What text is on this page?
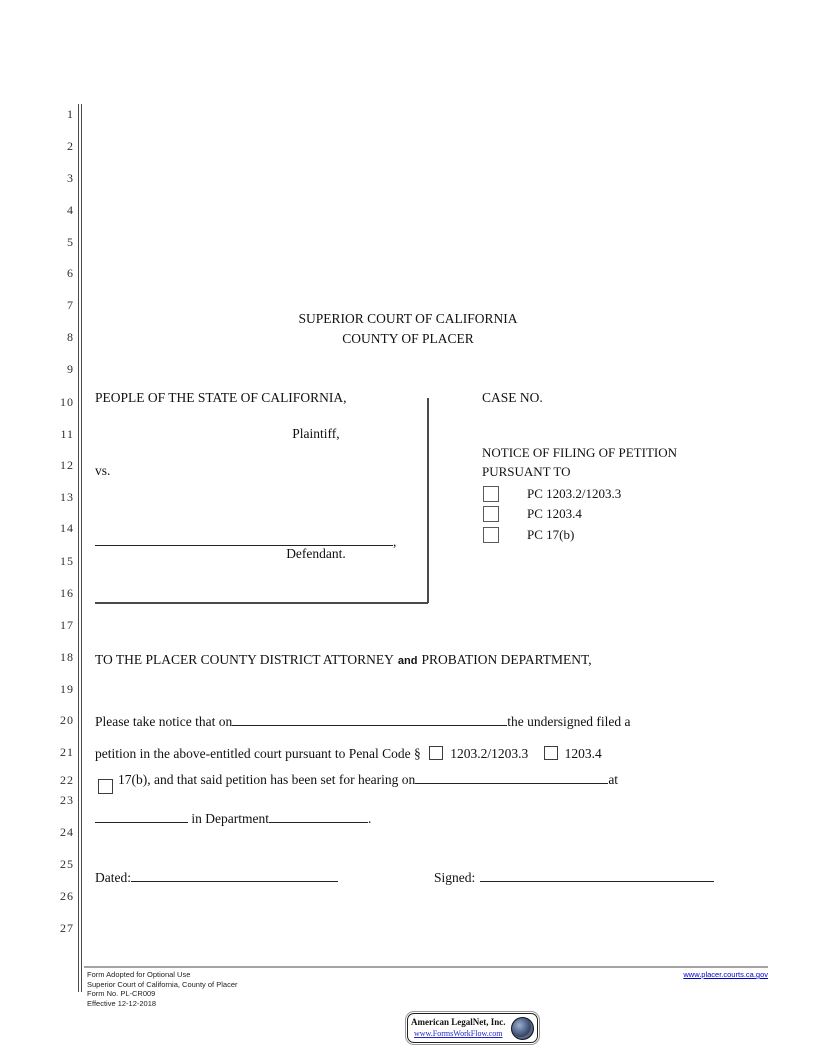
1
2
3
4
5
6
7
8
9
10
11
12
13
14
15
16
17
18
19
20
21
22
23
24
25
26
27
SUPERIOR COURT OF CALIFORNIA
COUNTY OF PLACER
PEOPLE OF THE STATE OF CALIFORNIA,
Plaintiff,
vs.
,
Defendant.
CASE NO.
NOTICE OF FILING OF PETITION
PURSUANT TO
PC 1203.2/1203.3
PC 1203.4
PC 17(b)
TO THE PLACER COUNTY DISTRICT ATTORNEY and PROBATION DEPARTMENT,
Please take notice that on	the undersigned filed a
petition in the above-entitled court pursuant to Penal Code § 1203.2/1203.3	1203.4
17(b), and that said petition has been set for hearing on	at
in Department	.
Dated:	Signed:
Form Adopted for Optional Use
Superior Court of California, County of Placer
Form No. PL-CR009
Effective 12-12-2018
www.placer.courts.ca.gov
American LegalNet, Inc.
www.FormsWorkFlow.com
